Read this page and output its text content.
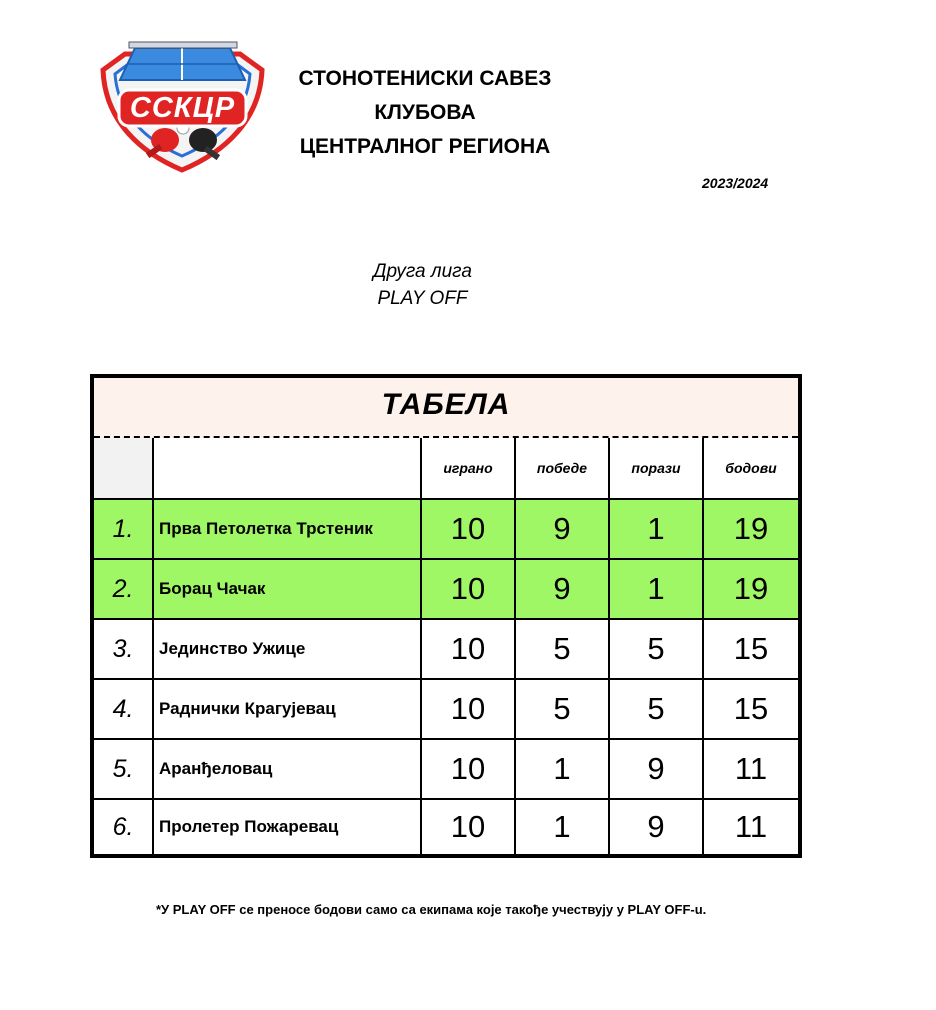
ССКЦР
СТОНОТЕНИСКИ САВЕЗ
КЛУБОВА
ЦЕНТРАЛНОГ РЕГИОНА
2023/2024
Друга лига
PLAY OFF
ТАБЕЛА
играно	победе	порази	бодови
1. Прва Петолетка Трстеник	10 9 1 19
2. Борац Чачак	10 9 1 19
3. Јединство Ужице	10 5 5 15
4. Раднички Крагујевац	10 5 5 15
5. Аранђеловац	10 1 9 11
6. Пролетер Пожаревац	10 1 9 11
*У PLAY OFF се преносе бодови само са екипама које такође учествују у PLAY OFF-u.
